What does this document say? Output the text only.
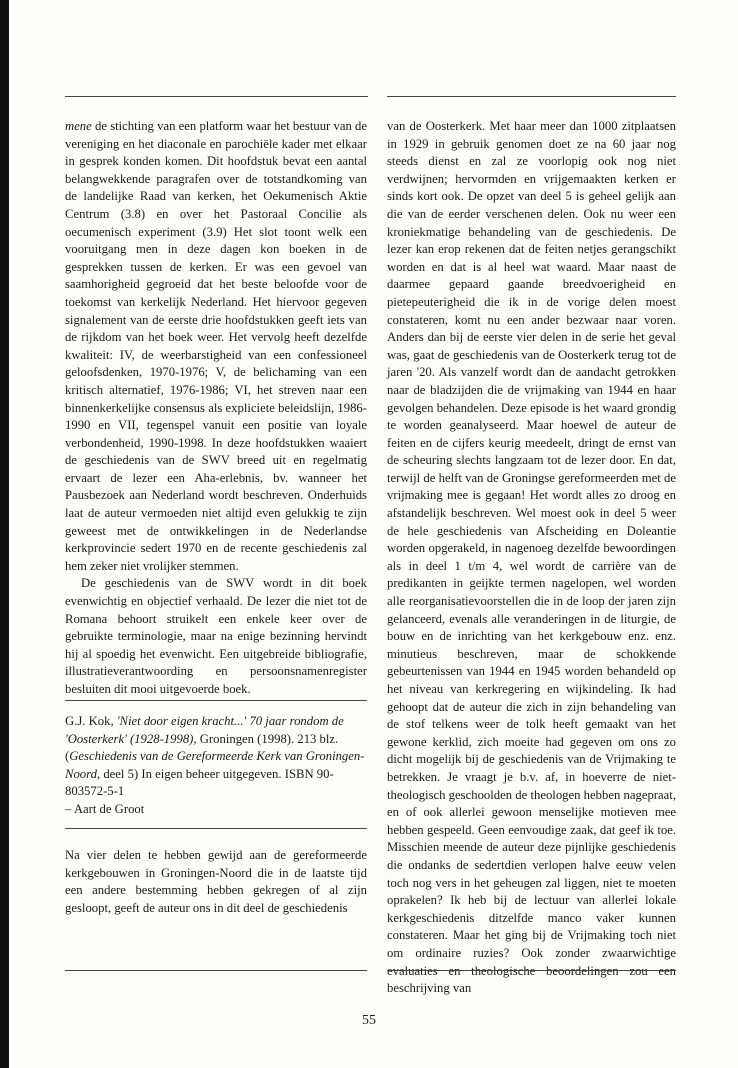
mene de stichting van een platform waar het bestuur van de vereniging en het diaconale en parochiële kader met elkaar in gesprek konden komen. Dit hoofdstuk bevat een aantal belangwekkende paragrafen over de totstandkoming van de landelijke Raad van kerken, het Oekumenisch Aktie Centrum (3.8) en over het Pastoraal Concilie als oecumenisch experiment (3.9) Het slot toont welk een vooruitgang men in deze dagen kon boeken in de gesprekken tussen de kerken. Er was een gevoel van saamhorigheid gegroeid dat het beste beloofde voor de toekomst van kerkelijk Nederland. Het hiervoor gegeven signalement van de eerste drie hoofdstukken geeft iets van de rijkdom van het boek weer. Het vervolg heeft dezelfde kwaliteit: IV, de weerbarstigheid van een confessioneel geloofsdenken, 1970-1976; V, de belichaming van een kritisch alternatief, 1976-1986; VI, het streven naar een binnenkerkelijke consensus als expliciete beleidslijn, 1986-1990 en VII, tegenspel vanuit een positie van loyale verbondenheid, 1990-1998. In deze hoofdstukken waaiert de geschiedenis van de SWV breed uit en regelmatig ervaart de lezer een Aha-erlebnis, bv. wanneer het Pausbezoek aan Nederland wordt beschreven. Onderhuids laat de auteur vermoeden niet altijd even gelukkig te zijn geweest met de ontwikkelingen in de Nederlandse kerkprovincie sedert 1970 en de recente geschiedenis zal hem zeker niet vrolijker stemmen.

De geschiedenis van de SWV wordt in dit boek evenwichtig en objectief verhaald. De lezer die niet tot de Romana behoort struikelt een enkele keer over de gebruikte terminologie, maar na enige bezinning hervindt hij al spoedig het evenwicht. Een uitgebreide bibliografie, illustratieverantwoording en persoonsnamenregister besluiten dit mooi uitgevoerde boek.

G.J. Kok, 'Niet door eigen kracht...' 70 jaar rondom de 'Oosterkerk' (1928-1998), Groningen (1998). 213 blz. (Geschiedenis van de Gereformeerde Kerk van Groningen-Noord, deel 5) In eigen beheer uitgegeven. ISBN 90-803572-5-1

– Aart de Groot

Na vier delen te hebben gewijd aan de gereformeerde kerkgebouwen in Groningen-Noord die in de laatste tijd een andere bestemming hebben gekregen of al zijn gesloopt, geeft de auteur ons in dit deel de geschiedenis

van de Oosterkerk. Met haar meer dan 1000 zitplaatsen in 1929 in gebruik genomen doet ze na 60 jaar nog steeds dienst en zal ze voorlopig ook nog niet verdwijnen; hervormden en vrijgemaakten kerken er sinds kort ook. De opzet van deel 5 is geheel gelijk aan die van de eerder verschenen delen. Ook nu weer een kroniekmatige behandeling van de geschiedenis. De lezer kan erop rekenen dat de feiten netjes gerangschikt worden en dat is al heel wat waard. Maar naast de daarmee gepaard gaande breedvoerigheid en pietepeuterigheid die ik in de vorige delen moest constateren, komt nu een ander bezwaar naar voren. Anders dan bij de eerste vier delen in de serie het geval was, gaat de geschiedenis van de Oosterkerk terug tot de jaren '20. Als vanzelf wordt dan de aandacht getrokken naar de bladzijden die de vrijmaking van 1944 en haar gevolgen behandelen. Deze episode is het waard grondig te worden geanalyseerd. Maar hoewel de auteur de feiten en de cijfers keurig meedeelt, dringt de ernst van de scheuring slechts langzaam tot de lezer door. En dat, terwijl de helft van de Groningse gereformeerden met de vrijmaking mee is gegaan! Het wordt alles zo droog en afstandelijk beschreven. Wel moest ook in deel 5 weer de hele geschiedenis van Afscheiding en Doleantie worden opgerakeld, in nagenoeg dezelfde bewoordingen als in deel 1 t/m 4, wel wordt de carrière van de predikanten in geijkte termen nagelopen, wel worden alle reorganisatievoorstellen die in de loop der jaren zijn gelanceerd, evenals alle veranderingen in de liturgie, de bouw en de inrichting van het kerkgebouw enz. enz. minutieus beschreven, maar de schokkende gebeurtenissen van 1944 en 1945 worden behandeld op het niveau van kerkregering en wijkindeling. Ik had gehoopt dat de auteur die zich in zijn behandeling van de stof telkens weer de tolk heeft gemaakt van het gewone kerklid, zich moeite had gegeven om ons zo dicht mogelijk bij de geschiedenis van de Vrijmaking te betrekken. Je vraagt je b.v. af, in hoeverre de niet-theologisch geschoolden de theologen hebben nagepraat, en of ook allerlei gewoon menselijke motieven mee hebben gespeeld. Geen eenvoudige zaak, dat geef ik toe. Misschien meende de auteur deze pijnlijke geschiedenis die ondanks de sedertdien verlopen halve eeuw velen toch nog vers in het geheugen zal liggen, niet te moeten oprakelen? Ik heb bij de lectuur van allerlei lokale kerkgeschiedenis ditzelfde manco vaker kunnen constateren. Maar het ging bij de Vrijmaking toch niet om ordinaire ruzies? Ook zonder zwaarwichtige evaluaties en theologische beoordelingen zou een beschrijving van

55
